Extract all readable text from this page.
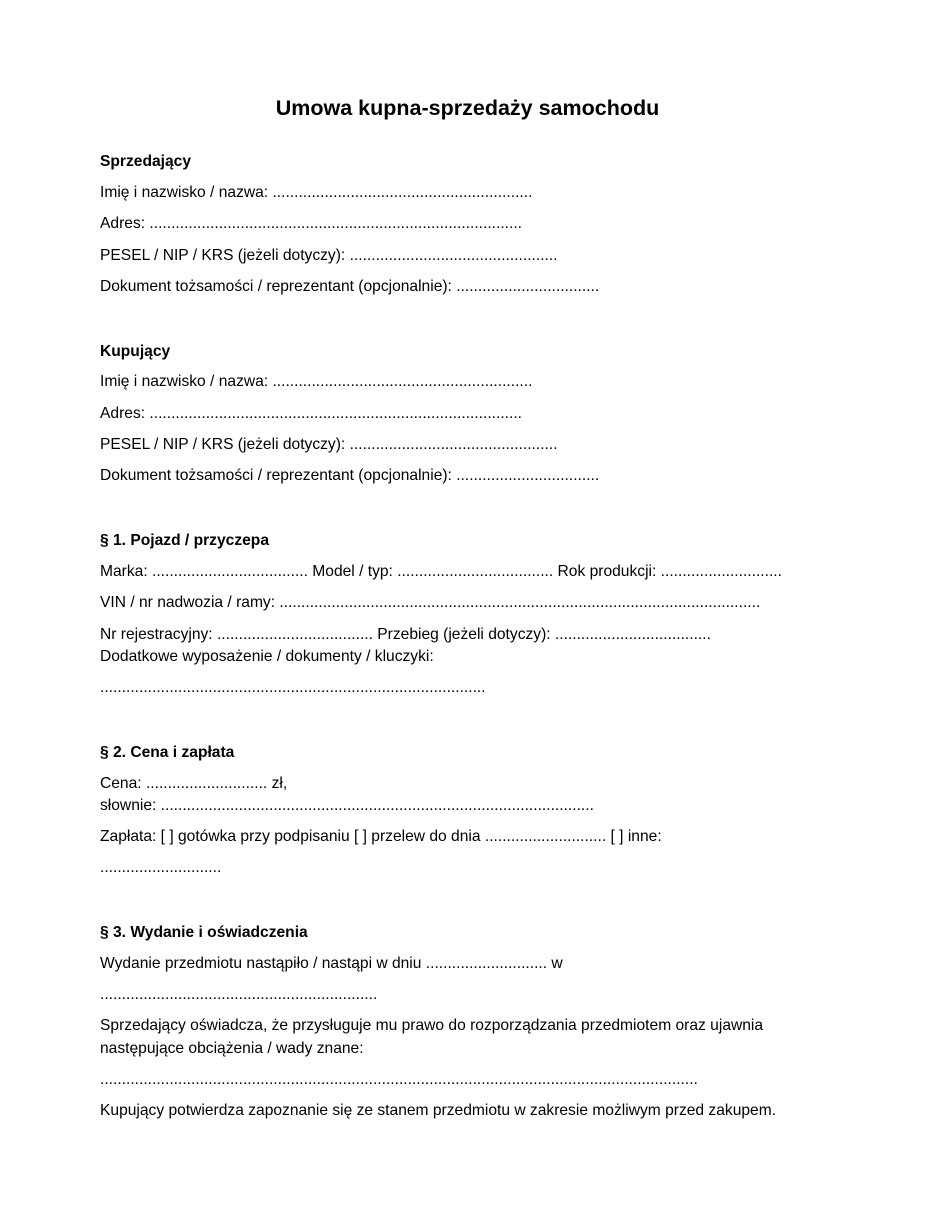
Umowa kupna-sprzedaży samochodu
Sprzedający
Imię i nazwisko / nazwa: ............................................................
Adres: ......................................................................................
PESEL / NIP / KRS (jeżeli dotyczy): ................................................
Dokument tożsamości / reprezentant (opcjonalnie): .................................
Kupujący
Imię i nazwisko / nazwa: ............................................................
Adres: ......................................................................................
PESEL / NIP / KRS (jeżeli dotyczy): ................................................
Dokument tożsamości / reprezentant (opcjonalnie): .................................
§ 1. Pojazd / przyczepa
Marka: .................................... Model / typ: .................................... Rok produkcji: ............................
VIN / nr nadwozia / ramy: ...............................................................................................................
Nr rejestracyjny: .................................... Przebieg (jeżeli dotyczy): ....................................
Dodatkowe wyposażenie / dokumenty / kluczyki:
.........................................................................................
§ 2. Cena i zapłata
Cena: ............................ zł,
słownie: ....................................................................................................
Zapłata: [ ] gotówka przy podpisaniu [ ] przelew do dnia ............................ [ ] inne:
............................
§ 3. Wydanie i oświadczenia
Wydanie przedmiotu nastąpiło / nastąpi w dniu ............................ w
................................................................
Sprzedający oświadcza, że przysługuje mu prawo do rozporządzania przedmiotem oraz ujawnia
następujące obciążenia / wady znane:
..........................................................................................................................................
Kupujący potwierdza zapoznanie się ze stanem przedmiotu w zakresie możliwym przed zakupem.
